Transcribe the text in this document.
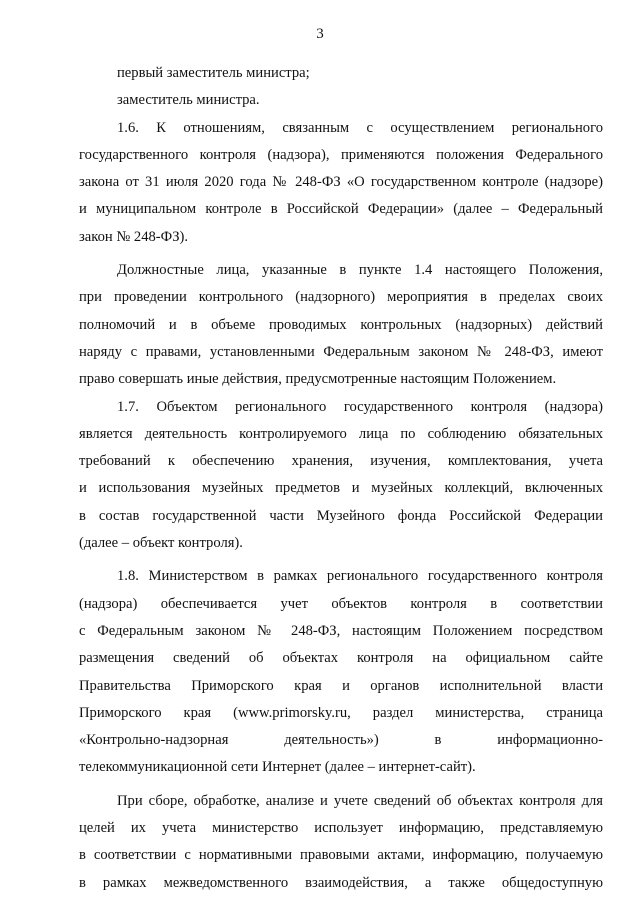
3
первый заместитель министра;
заместитель министра.
1.6. К отношениям, связанным с осуществлением регионального
государственного контроля (надзора), применяются положения Федерального
закона от 31 июля 2020 года № 248-ФЗ «О государственном контроле (надзоре)
и муниципальном контроле в Российской Федерации» (далее – Федеральный
закон № 248-ФЗ).
Должностные лица, указанные в пункте 1.4 настоящего Положения,
при проведении контрольного (надзорного) мероприятия в пределах своих
полномочий и в объеме проводимых контрольных (надзорных) действий
наряду с правами, установленными Федеральным законом № 248-ФЗ, имеют
право совершать иные действия, предусмотренные настоящим Положением.
1.7. Объектом регионального государственного контроля (надзора)
является деятельность контролируемого лица по соблюдению обязательных
требований к обеспечению хранения, изучения, комплектования, учета
и использования музейных предметов и музейных коллекций, включенных
в состав государственной части Музейного фонда Российской Федерации
(далее – объект контроля).
1.8. Министерством в рамках регионального государственного контроля
(надзора) обеспечивается учет объектов контроля в соответствии
с Федеральным законом № 248-ФЗ, настоящим Положением посредством
размещения сведений об объектах контроля на официальном сайте
Правительства Приморского края и органов исполнительной власти
Приморского края (www.primorsky.ru, раздел министерства, страница
«Контрольно-надзорная деятельность») в информационно-
телекоммуникационной сети Интернет (далее – интернет-сайт).
При сборе, обработке, анализе и учете сведений об объектах контроля для
целей их учета министерство использует информацию, представляемую
в соответствии с нормативными правовыми актами, информацию, получаемую
в рамках межведомственного взаимодействия, а также общедоступную
